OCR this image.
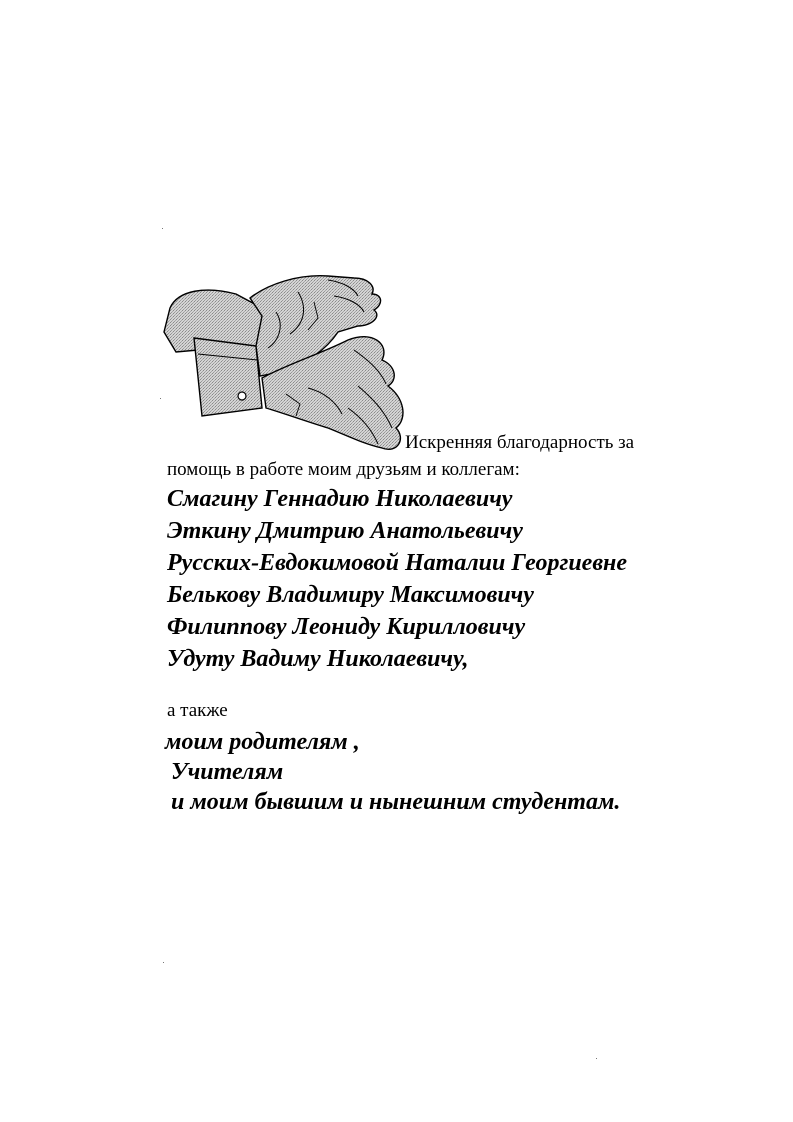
Искренняя благодарность за
помощь в работе моим друзьям и коллегам:
Смагину Геннадию Николаевичу
Эткину Дмитрию Анатольевичу
Русских-Евдокимовой Наталии Георгиевне
Белькову Владимиру Максимовичу
Филиппову Леониду Кирилловичу
Удуту Вадиму Николаевичу,
а также
моим родителям ,
Учителям
и моим бывшим и нынешним студентам.
